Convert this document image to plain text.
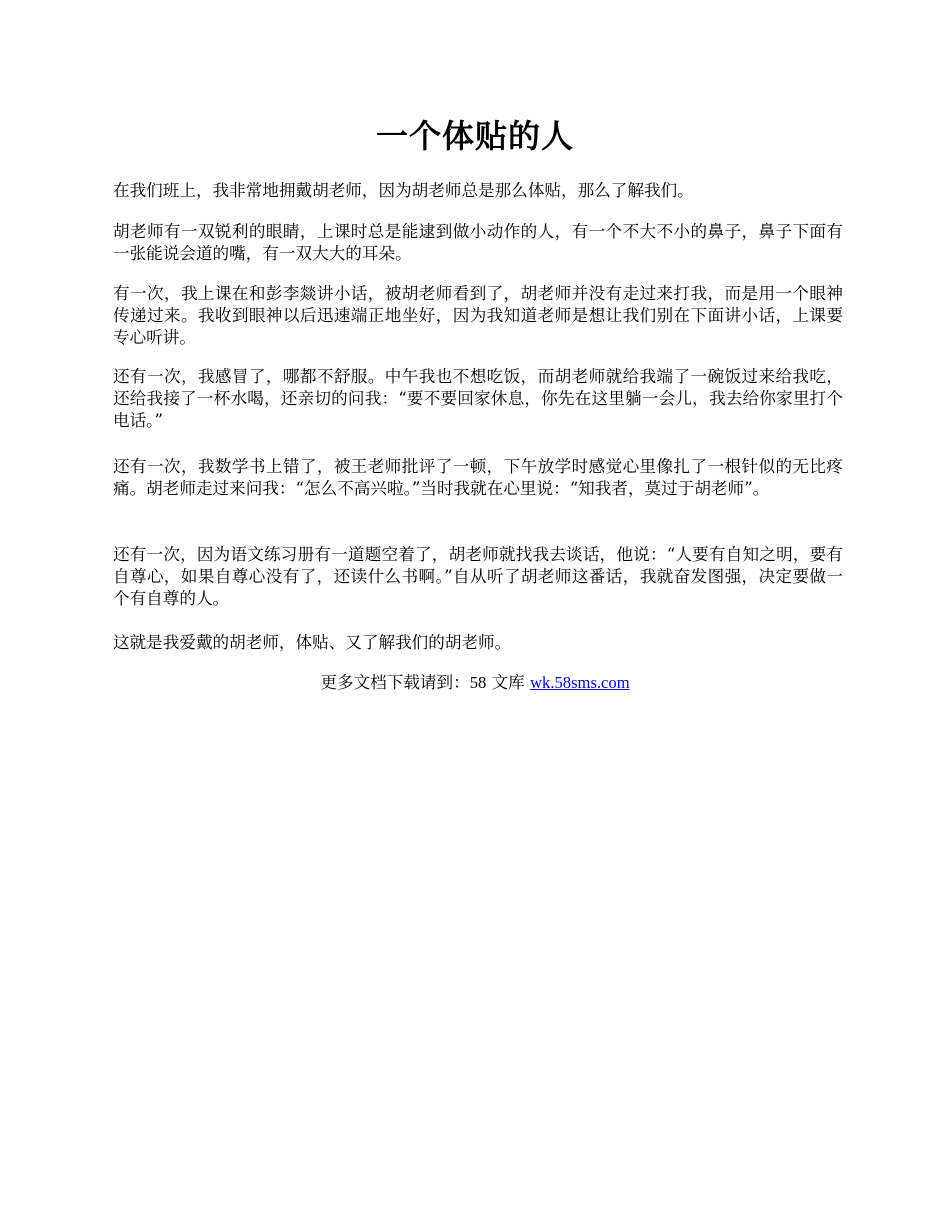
一个体贴的人

在我们班上，我非常地拥戴胡老师，因为胡老师总是那么体贴，那么了解我们。

胡老师有一双锐利的眼睛，上课时总是能逮到做小动作的人，有一个不大不小的鼻子，鼻子下面有一张能说会道的嘴，有一双大大的耳朵。

有一次，我上课在和彭李燚讲小话，被胡老师看到了，胡老师并没有走过来打我，而是用一个眼神传递过来。我收到眼神以后迅速端正地坐好，因为我知道老师是想让我们别在下面讲小话，上课要专心听讲。

还有一次，我感冒了，哪都不舒服。中午我也不想吃饭，而胡老师就给我端了一碗饭过来给我吃，还给我接了一杯水喝，还亲切的问我：“要不要回家休息，你先在这里躺一会儿，我去给你家里打个电话。”

还有一次，我数学书上错了，被王老师批评了一顿，下午放学时感觉心里像扎了一根针似的无比疼痛。胡老师走过来问我：“怎么不高兴啦。”当时我就在心里说：“知我者，莫过于胡老师”。

还有一次，因为语文练习册有一道题空着了，胡老师就找我去谈话，他说：“人要有自知之明，要有自尊心，如果自尊心没有了，还读什么书啊。”自从听了胡老师这番话，我就奋发图强，决定要做一个有自尊的人。

这就是我爱戴的胡老师，体贴、又了解我们的胡老师。

更多文档下载请到：58 文库 wk.58sms.com
